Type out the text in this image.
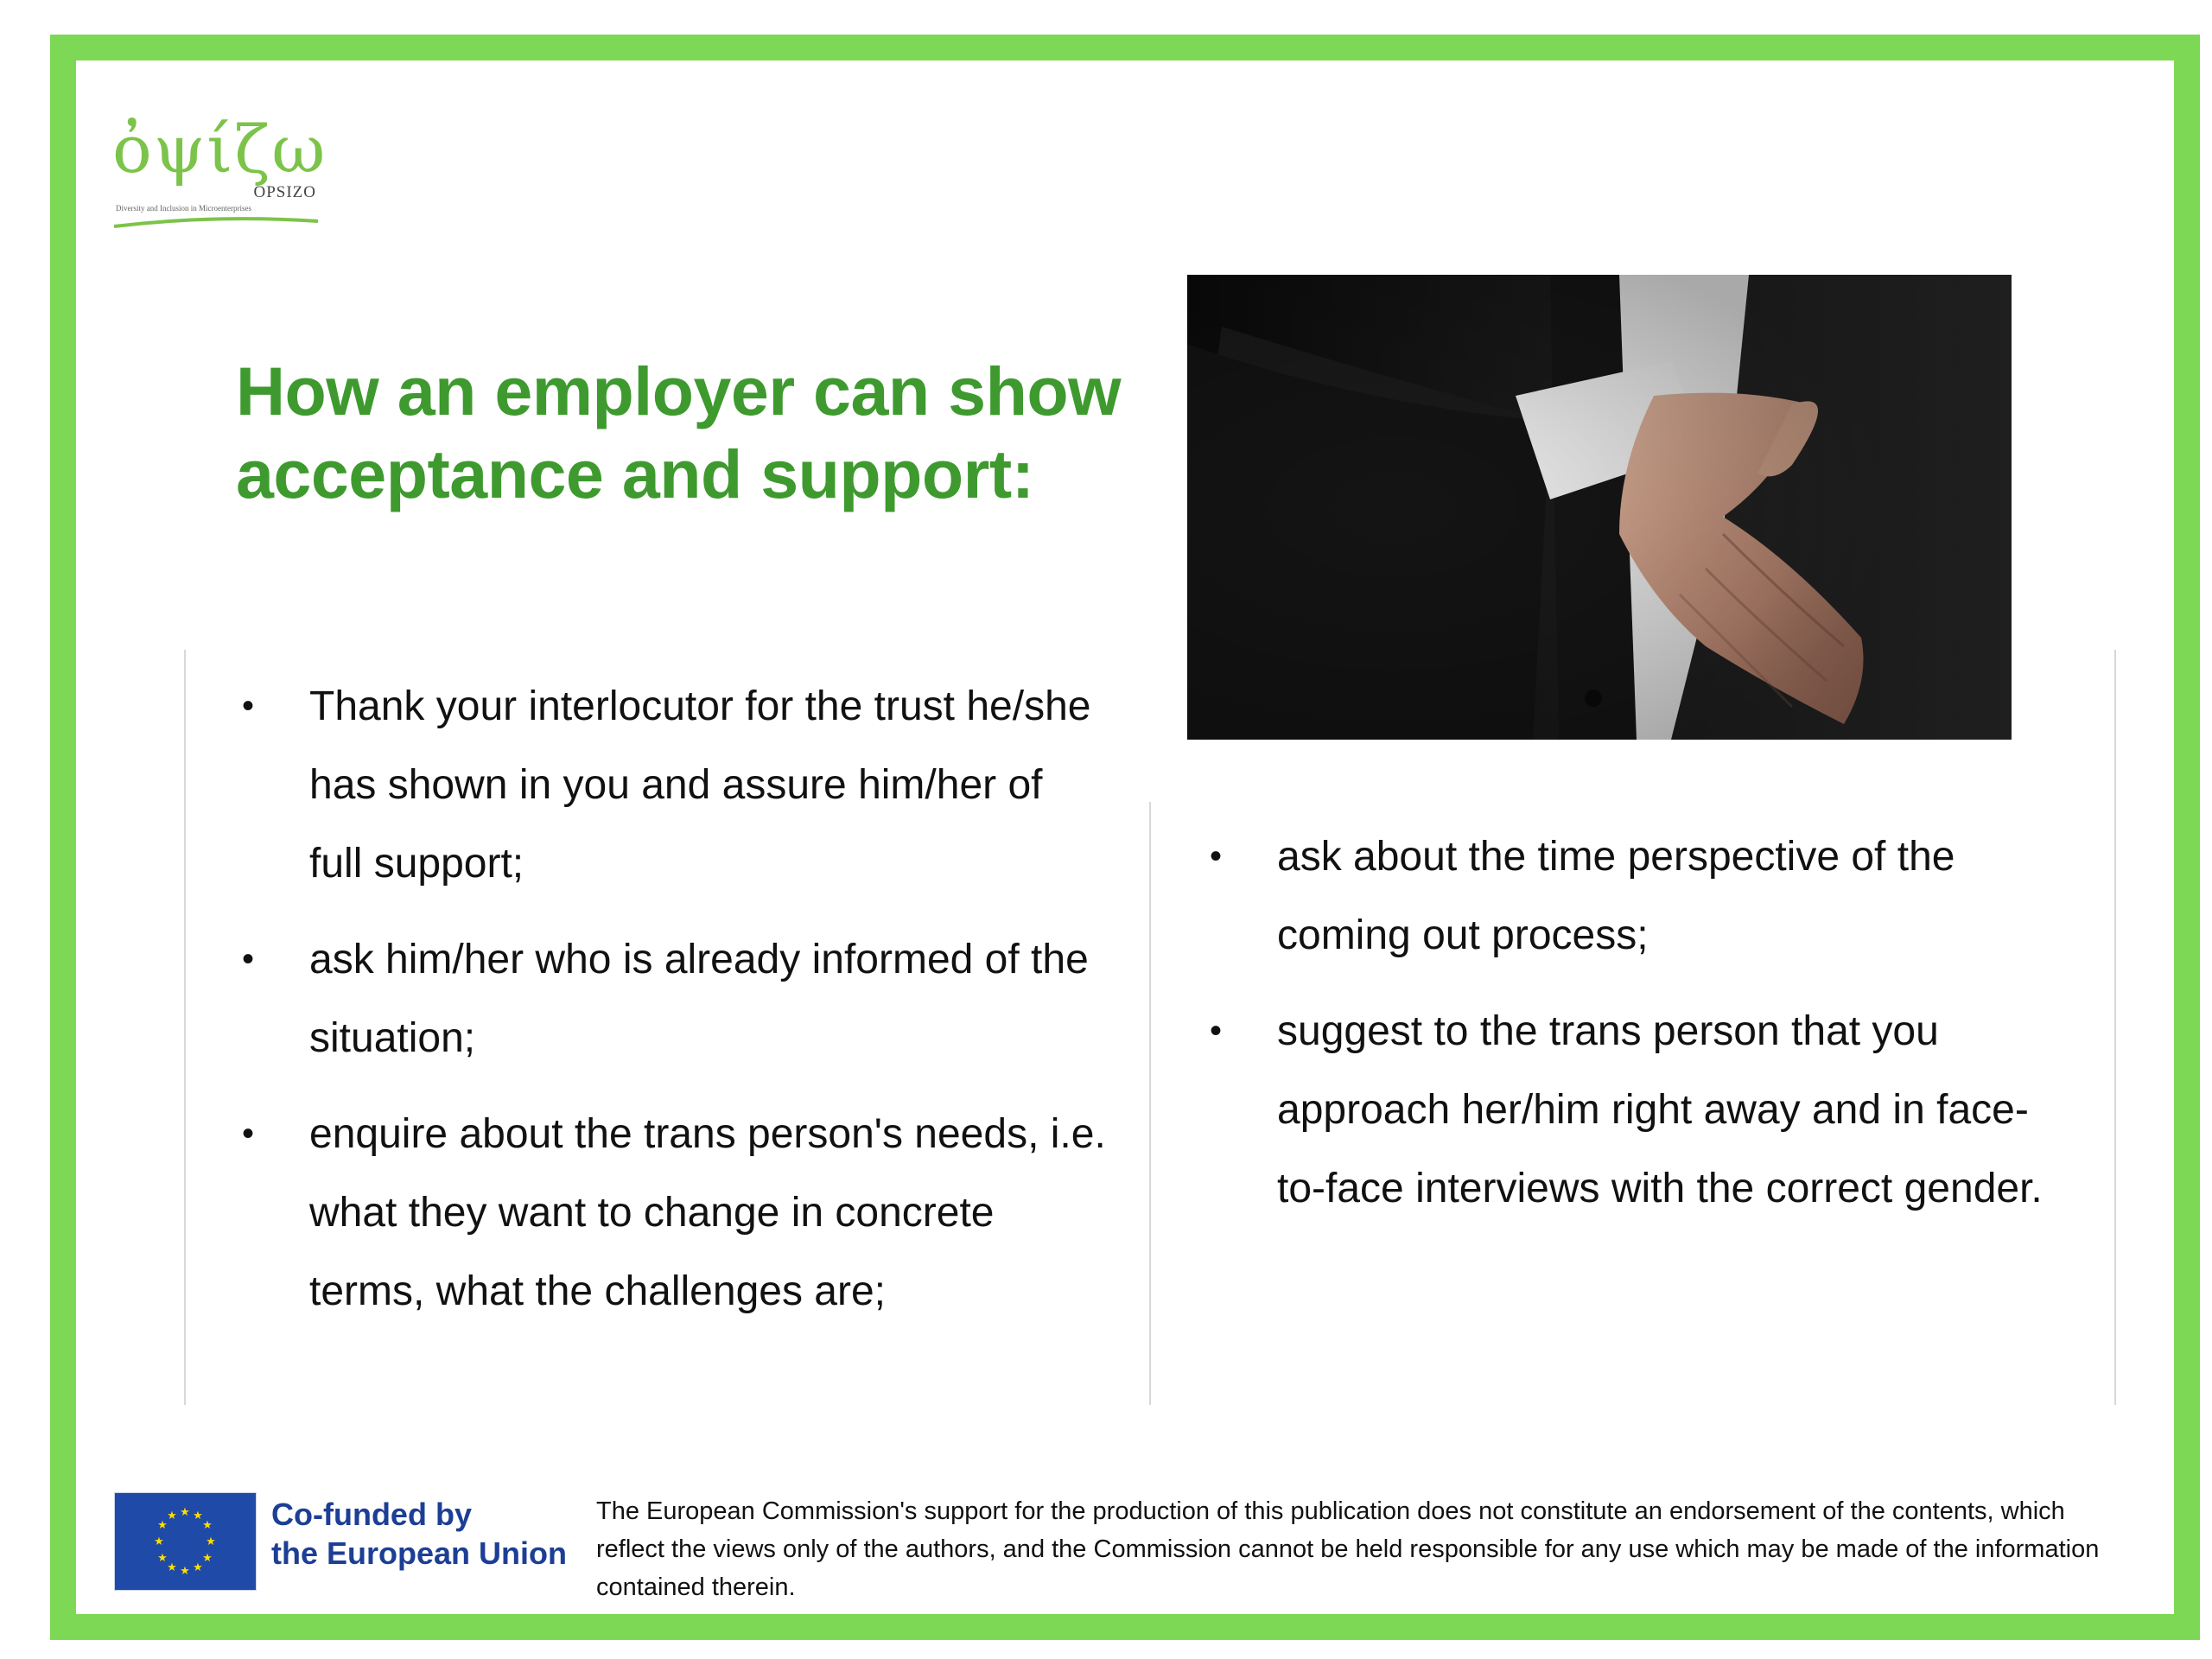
ὀψίζω
OPSIZO
Diversity and Inclusion in Microenterprises
How an employer can show acceptance and support:
• Thank your interlocutor for the trust he/she has shown in you and assure him/her of full support;
• ask him/her who is already informed of the situation;
• enquire about the trans person's needs, i.e. what they want to change in concrete terms, what the challenges are;
• ask about the time perspective of the coming out process;
• suggest to the trans person that you approach her/him right away and in face-to-face interviews with the correct gender.
★ ★
★
★
★
★
★
★
★
★
★
★	Co-funded by
the European Union
The European Commission's support for the production of this publication does not constitute an endorsement of the contents, which reflect the views only of the authors, and the Commission cannot be held responsible for any use which may be made of the information contained therein.
